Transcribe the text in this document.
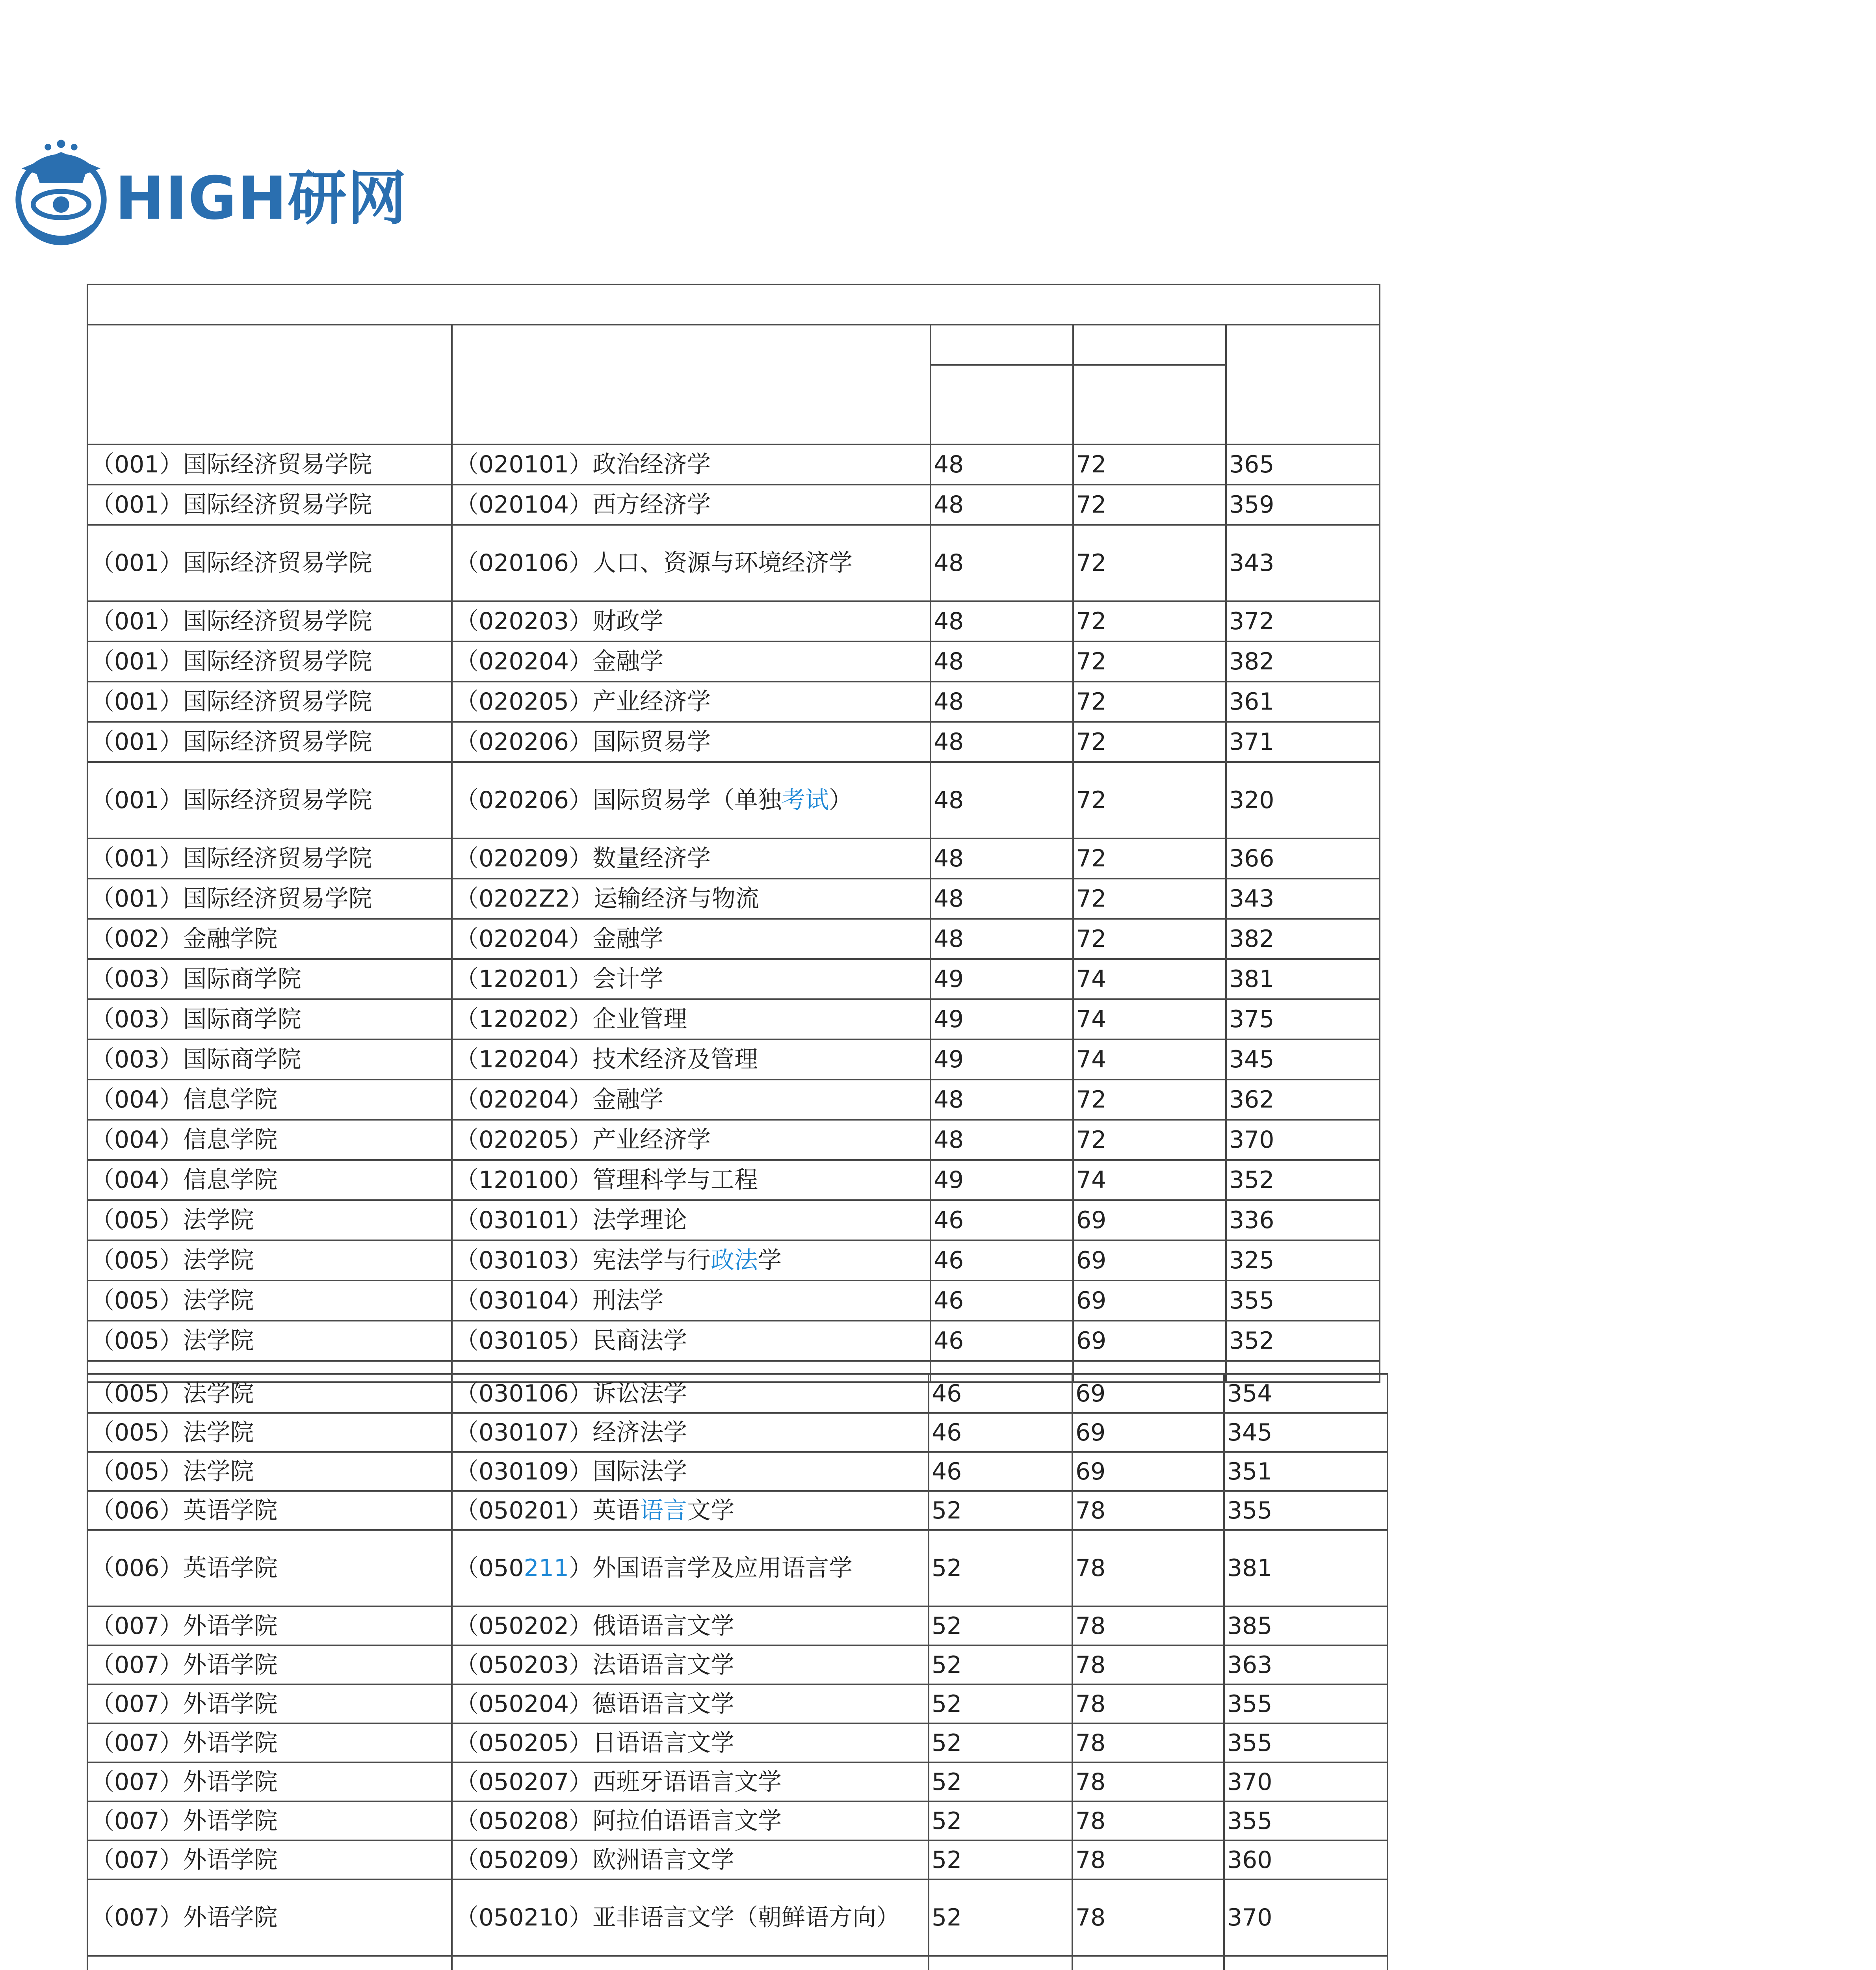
HIGH研网

（001）国际经济贸易学院	（020101）政治经济学	48	72	365
（001）国际经济贸易学院	（020104）西方经济学	48	72	359
（001）国际经济贸易学院	（020106）人口、资源与环境经济学	48	72	343
（001）国际经济贸易学院	（020203）财政学	48	72	372
（001）国际经济贸易学院	（020204）金融学	48	72	382
（001）国际经济贸易学院	（020205）产业经济学	48	72	361
（001）国际经济贸易学院	（020206）国际贸易学	48	72	371
（001）国际经济贸易学院	（020206）国际贸易学（单独考试）	48	72	320
（001）国际经济贸易学院	（020209）数量经济学	48	72	366
（001）国际经济贸易学院	（0202Z2）运输经济与物流	48	72	343
（002）金融学院	（020204）金融学	48	72	382
（003）国际商学院	（120201）会计学	49	74	381
（003）国际商学院	（120202）企业管理	49	74	375
（003）国际商学院	（120204）技术经济及管理	49	74	345
（004）信息学院	（020204）金融学	48	72	362
（004）信息学院	（020205）产业经济学	48	72	370
（004）信息学院	（120100）管理科学与工程	49	74	352
（005）法学院	（030101）法学理论	46	69	336
（005）法学院	（030103）宪法学与行政法学	46	69	325
（005）法学院	（030104）刑法学	46	69	355
（005）法学院	（030105）民商法学	46	69	352

（005）法学院	（030106）诉讼法学	46	69	354
（005）法学院	（030107）经济法学	46	69	345
（005）法学院	（030109）国际法学	46	69	351
（006）英语学院	（050201）英语语言文学	52	78	355
（006）英语学院	（050211）外国语言学及应用语言学	52	78	381
（007）外语学院	（050202）俄语语言文学	52	78	385
（007）外语学院	（050203）法语语言文学	52	78	363
（007）外语学院	（050204）德语语言文学	52	78	355
（007）外语学院	（050205）日语语言文学	52	78	355
（007）外语学院	（050207）西班牙语语言文学	52	78	370
（007）外语学院	（050208）阿拉伯语语言文学	52	78	355
（007）外语学院	（050209）欧洲语言文学	52	78	360
（007）外语学院	（050210）亚非语言文学（朝鲜语方向）	52	78	370
